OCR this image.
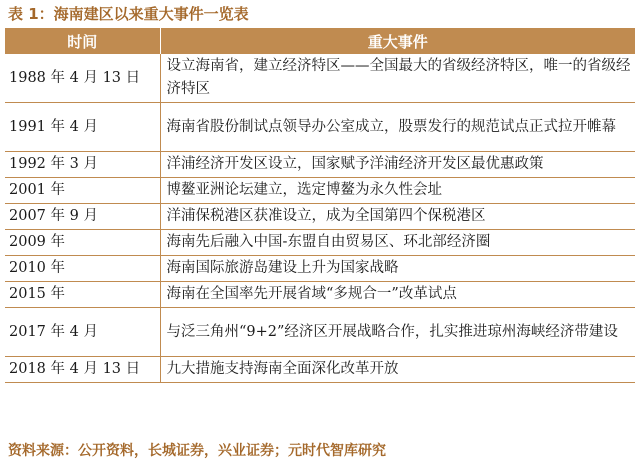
表 1：海南建区以来重大事件一览表
时间	重大事件
1988 年 4 月 13 日	设立海南省，建立经济特区——全国最大的省级经济特区，唯一的省级经济特区
1991 年 4 月	海南省股份制试点领导办公室成立，股票发行的规范试点正式拉开帷幕
1992 年 3 月	洋浦经济开发区设立，国家赋予洋浦经济开发区最优惠政策
2001 年	博鳌亚洲论坛建立，选定博鳌为永久性会址
2007 年 9 月	洋浦保税港区获准设立，成为全国第四个保税港区
2009 年	海南先后融入中国-东盟自由贸易区、环北部经济圈
2010 年	海南国际旅游岛建设上升为国家战略
2015 年	海南在全国率先开展省域“多规合一”改革试点
2017 年 4 月	与泛三角州“9+2”经济区开展战略合作，扎实推进琼州海峡经济带建设
2018 年 4 月 13 日	九大措施支持海南全面深化改革开放
资料来源：公开资料，长城证券，兴业证券；元时代智库研究
